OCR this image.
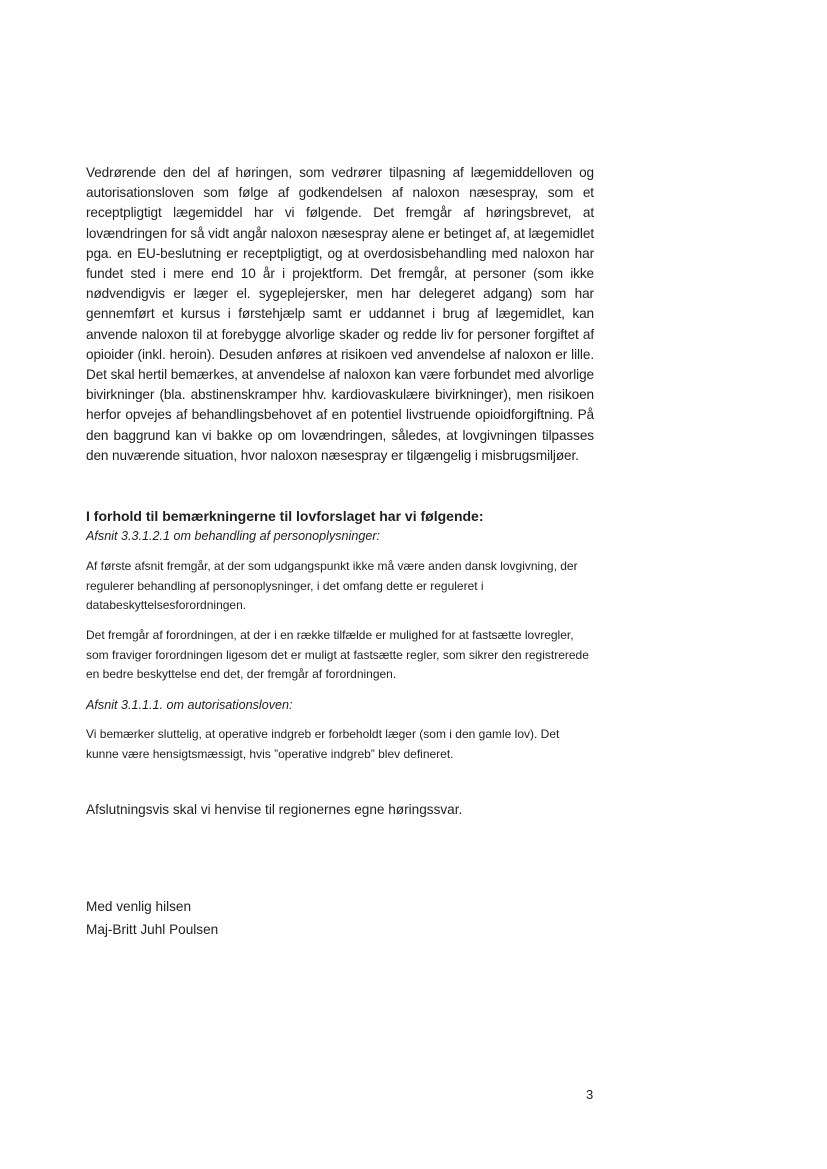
Vedrørende den del af høringen, som vedrører tilpasning af lægemiddelloven og autorisationsloven som følge af godkendelsen af naloxon næsespray, som et receptpligtigt lægemiddel har vi følgende. Det fremgår af høringsbrevet, at lovændringen for så vidt angår naloxon næsespray alene er betinget af, at lægemidlet pga. en EU-beslutning er receptpligtigt, og at overdosisbehandling med naloxon har fundet sted i mere end 10 år i projektform. Det fremgår, at personer (som ikke nødvendigvis er læger el. sygeplejersker, men har delegeret adgang) som har gennemført et kursus i førstehjælp samt er uddannet i brug af lægemidlet, kan anvende naloxon til at forebygge alvorlige skader og redde liv for personer forgiftet af opioider (inkl. heroin). Desuden anføres at risikoen ved anvendelse af naloxon er lille. Det skal hertil bemærkes, at anvendelse af naloxon kan være forbundet med alvorlige bivirkninger (bla. abstinenskramper hhv. kardiovaskulære bivirkninger), men risikoen herfor opvejes af behandlingsbehovet af en potentiel livstruende opioidforgiftning. På den baggrund kan vi bakke op om lovændringen, således, at lovgivningen tilpasses den nuværende situation, hvor naloxon næsespray er tilgængelig i misbrugsmiljøer.

I forhold til bemærkningerne til lovforslaget har vi følgende:

Afsnit 3.3.1.2.1 om behandling af personoplysninger:

Af første afsnit fremgår, at der som udgangspunkt ikke må være anden dansk lovgivning, der regulerer behandling af personoplysninger, i det omfang dette er reguleret i databeskyttelsesforordningen.

Det fremgår af forordningen, at der i en række tilfælde er mulighed for at fastsætte lovregler, som fraviger forordningen ligesom det er muligt at fastsætte regler, som sikrer den registrerede en bedre beskyttelse end det, der fremgår af forordningen.

Afsnit 3.1.1.1. om autorisationsloven:

Vi bemærker sluttelig, at operative indgreb er forbeholdt læger (som i den gamle lov). Det kunne være hensigtsmæssigt, hvis ”operative indgreb” blev defineret.

Afslutningsvis skal vi henvise til regionernes egne høringssvar.

Med venlig hilsen

Maj-Britt Juhl Poulsen

3
